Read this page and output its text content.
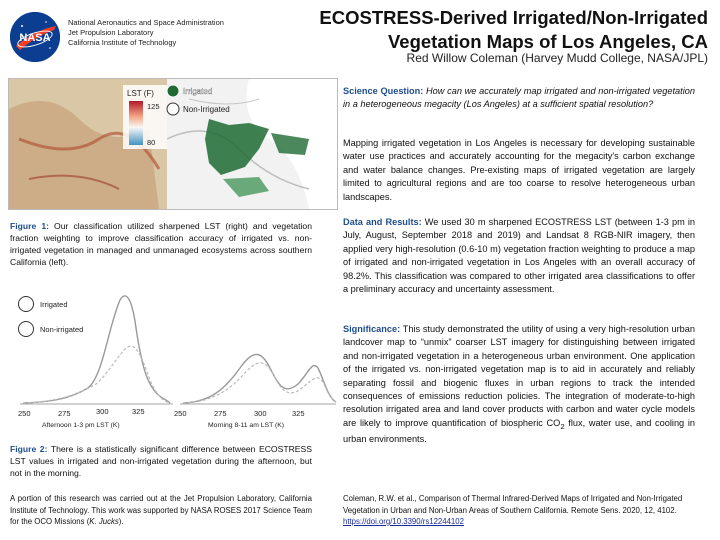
NASA
National Aeronautics and Space Administration
Jet Propulsion Laboratory
California Institute of Technology
ECOSTRESS-Derived Irrigated/Non-Irrigated
Vegetation Maps of Los Angeles, CA
Red Willow Coleman (Harvey Mudd College, NASA/JPL)
LST (F)
125
80
Irrigated
Non-Irrigated
Figure 1: Our classification utilized sharpened LST (right) and vegetation fraction weighting to improve classification accuracy of irrigated vs. non-irrigated vegetation in managed and unmanaged ecosystems across southern California (left).
Irrigated
Non-irrigated
250	275	300	325	250	275	300	325
Afternoon 1-3 pm LST (K)	Morning 8-11 am LST (K)
Figure 2: There is a statistically significant difference between ECOSTRESS LST values in irrigated and non-irrigated vegetation during the afternoon, but not in the morning.
A portion of this research was carried out at the Jet Propulsion Laboratory, California Institute of Technology. This work was supported by NASA ROSES 2017 Science Team for the OCO Missions (K. Jucks).
Science Question: How can we accurately map irrigated and non-irrigated vegetation in a heterogeneous megacity (Los Angeles) at a sufficient spatial resolution?
Mapping irrigated vegetation in Los Angeles is necessary for developing sustainable water use practices and accurately accounting for the megacity's carbon exchange and water balance changes. Pre-existing maps of irrigated vegetation are largely limited to agricultural regions and are too coarse to resolve heterogeneous urban landscapes.
Data and Results: We used 30 m sharpened ECOSTRESS LST (between 1-3 pm in July, August, September 2018 and 2019) and Landsat 8 RGB-NIR imagery, then applied very high-resolution (0.6-10 m) vegetation fraction weighting to produce a map of irrigated and non-irrigated vegetation in Los Angeles with an overall accuracy of 98.2%. This classification was compared to other irrigated area classifications to offer a preliminary accuracy and uncertainty assessment.
Significance: This study demonstrated the utility of using a very high-resolution urban landcover map to “unmix” coarser LST imagery for distinguishing between irrigated and non-irrigated vegetation in a heterogeneous urban environment. One application of the irrigated vs. non-irrigated vegetation map is to aid in accurately and reliably separating fossil and biogenic fluxes in urban regions to track the intended consequences of emissions reduction policies. The integration of moderate-to-high resolution irrigated area and land cover products with carbon and water cycle models are likely to improve quantification of biospheric $CO_2$ flux, water use, and cooling in urban environments.
Coleman, R.W. et al., Comparison of Thermal Infrared-Derived Maps of Irrigated and Non-Irrigated Vegetation in Urban and Non-Urban Areas of Southern California. Remote Sens. 2020, 12, 4102. https://doi.org/10.3390/rs12244102
